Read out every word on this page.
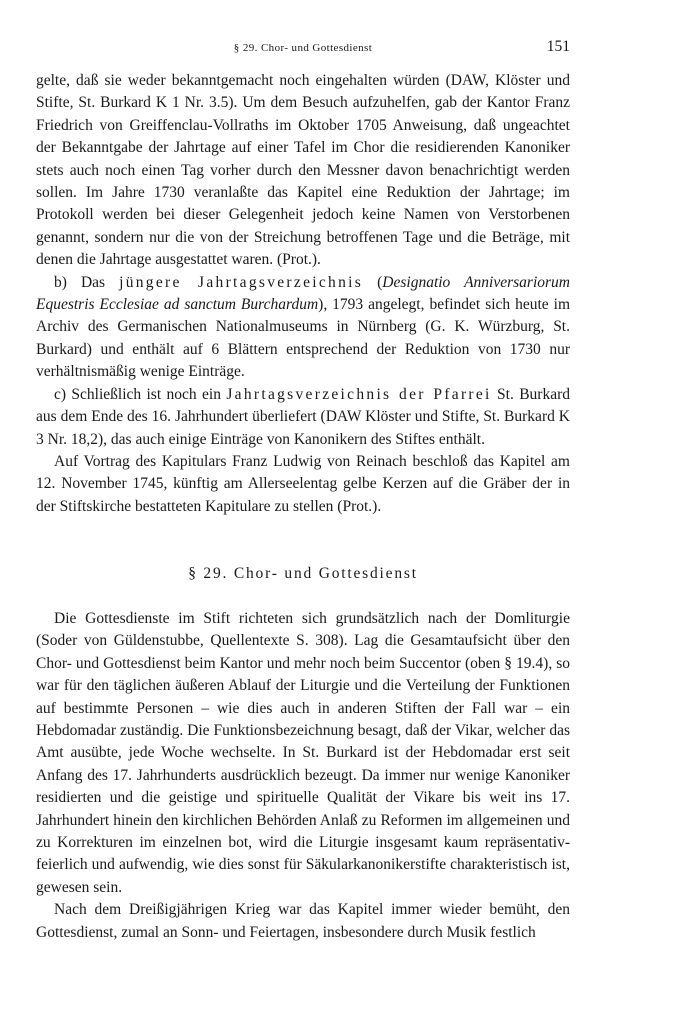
§ 29. Chor- und Gottesdienst	151

gelte, daß sie weder bekanntgemacht noch eingehalten würden (DAW, Klöster und Stifte, St. Burkard K 1 Nr. 3.5). Um dem Besuch aufzuhelfen, gab der Kantor Franz Friedrich von Greiffenclau-Vollraths im Oktober 1705 Anweisung, daß ungeachtet der Bekanntgabe der Jahrtage auf einer Tafel im Chor die residierenden Kanoniker stets auch noch einen Tag vorher durch den Messner davon benachrichtigt werden sollen. Im Jahre 1730 veranlaßte das Kapitel eine Reduktion der Jahrtage; im Protokoll werden bei dieser Gelegenheit jedoch keine Namen von Verstorbenen genannt, sondern nur die von der Streichung betroffenen Tage und die Beträge, mit denen die Jahrtage ausgestattet waren. (Prot.).

b) Das jüngere Jahrtagsverzeichnis (Designatio Anniversariorum Equestris Ecclesiae ad sanctum Burchardum), 1793 angelegt, befindet sich heute im Archiv des Germanischen Nationalmuseums in Nürnberg (G. K. Würzburg, St. Burkard) und enthält auf 6 Blättern entsprechend der Reduktion von 1730 nur verhältnismäßig wenige Einträge.

c) Schließlich ist noch ein Jahrtagsverzeichnis der Pfarrei St. Burkard aus dem Ende des 16. Jahrhundert überliefert (DAW Klöster und Stifte, St. Burkard K 3 Nr. 18,2), das auch einige Einträge von Kanonikern des Stiftes enthält.

Auf Vortrag des Kapitulars Franz Ludwig von Reinach beschloß das Kapitel am 12. November 1745, künftig am Allerseelentag gelbe Kerzen auf die Gräber der in der Stiftskirche bestatteten Kapitulare zu stellen (Prot.).

§ 29. Chor- und Gottesdienst

Die Gottesdienste im Stift richteten sich grundsätzlich nach der Domliturgie (Soder von Güldenstubbe, Quellentexte S. 308). Lag die Gesamtaufsicht über den Chor- und Gottesdienst beim Kantor und mehr noch beim Succentor (oben § 19.4), so war für den täglichen äußeren Ablauf der Liturgie und die Verteilung der Funktionen auf bestimmte Personen – wie dies auch in anderen Stiften der Fall war – ein Hebdomadar zuständig. Die Funktionsbezeichnung besagt, daß der Vikar, welcher das Amt ausübte, jede Woche wechselte. In St. Burkard ist der Hebdomadar erst seit Anfang des 17. Jahrhunderts ausdrücklich bezeugt. Da immer nur wenige Kanoniker residierten und die geistige und spirituelle Qualität der Vikare bis weit ins 17. Jahrhundert hinein den kirchlichen Behörden Anlaß zu Reformen im allgemeinen und zu Korrekturen im einzelnen bot, wird die Liturgie insgesamt kaum repräsentativ-feierlich und aufwendig, wie dies sonst für Säkularkanonikerstifte charakteristisch ist, gewesen sein.

Nach dem Dreißigjährigen Krieg war das Kapitel immer wieder bemüht, den Gottesdienst, zumal an Sonn- und Feiertagen, insbesondere durch Musik festlich
